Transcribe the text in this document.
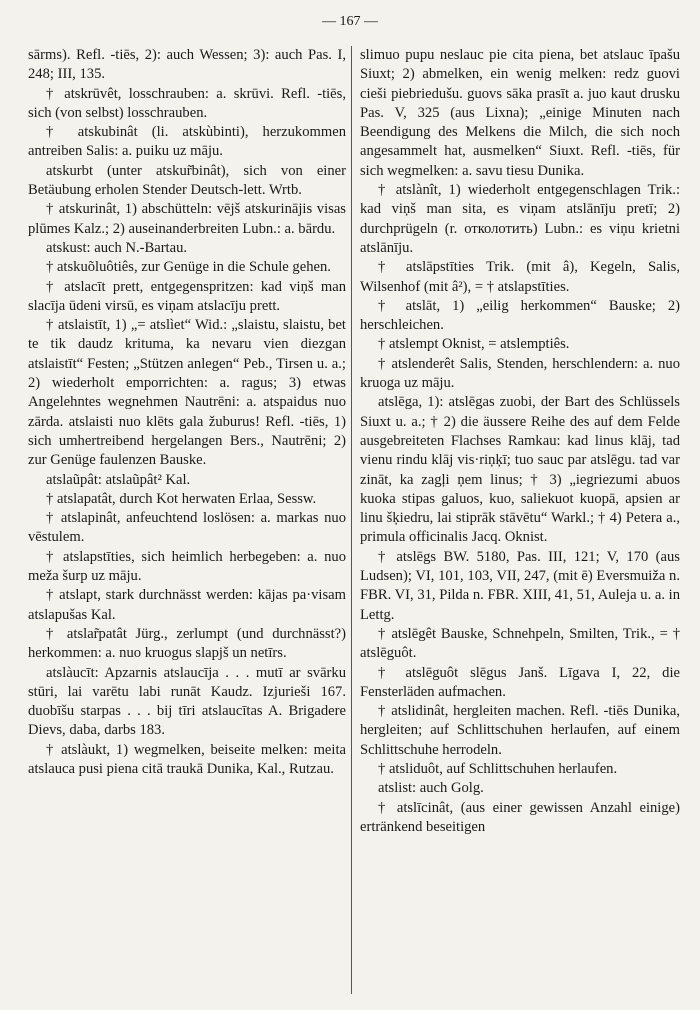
— 167 —

sārms). Refl. -tiēs, 2): auch Wessen; 3): auch Pas. I, 248; III, 135.

† atskrūvêt, losschrauben: a. skrūvi. Refl. -tiēs, sich (von selbst) losschrauben.

† atskubinât (li. atskùbinti), herzukommen antreiben Salis: a. puiku uz māju.

atskurbt (unter atskur̃binât), sich von einer Betäubung erholen Stender Deutsch-lett. Wrtb.

† atskurinât, 1) abschütteln: vējš atskurinājis visas plūmes Kalz.; 2) auseinanderbreiten Lubn.: a. bārdu.

atskust: auch N.-Bartau.

† atskuõluôtiês, zur Genüge in die Schule gehen.

† atslacīt prett, entgegenspritzen: kad viņš man slacīja ūdeni virsū, es viņam atslacīju prett.

† atslaistīt, 1) „= atslìet“ Wid.: „slaistu, slaistu, bet te tik daudz krituma, ka nevaru vien diezgan atslaistīt“ Festen; „Stützen anlegen“ Peb., Tirsen u. a.; 2) wiederholt emporrichten: a. ragus; 3) etwas Angelehntes wegnehmen Nautrēni: a. atspaidus nuo zārda. atslaisti nuo klēts gala žuburus! Refl. -tiēs, 1) sich umhertreibend hergelangen Bers., Nautrēni; 2) zur Genüge faulenzen Bauske.

atslaũpât: atslaũpât² Kal.

† atslapatât, durch Kot herwaten Erlaa, Sessw.

† atslapinât, anfeuchtend loslösen: a. markas nuo vēstulem.

† atslapstīties, sich heimlich herbegeben: a. nuo meža šurp uz māju.

† atslapt, stark durchnässt werden: kājas pa·visam atslapušas Kal.

† atslar̃patât Jürg., zerlumpt (und durchnässt?) herkommen: a. nuo kruogus slapjš un netīrs.

atslàucīt: Apzarnis atslaucīja . . . mutī ar svārku stūri, lai varētu labi runāt Kaudz. Izjurieši 167. duobīšu starpas . . . bij tīri atslaucītas A. Brigadere Dievs, daba, darbs 183.

† atslàukt, 1) wegmelken, beiseite melken: meita atslauca pusi piena citā traukā Dunika, Kal., Rutzau.

slimuo pupu neslauc pie cita piena, bet atslauc īpašu Siuxt; 2) abmelken, ein wenig melken: redz guovi cieši piebriedušu. guovs sāka prasīt a. juo kaut drusku Pas. V, 325 (aus Lixna); „einige Minuten nach Beendigung des Melkens die Milch, die sich noch angesammelt hat, ausmelken“ Siuxt. Refl. -tiēs, für sich wegmelken: a. savu tiesu Dunika.

† atslànît, 1) wiederholt entgegenschlagen Trik.: kad viņš man sita, es viņam atslānīju pretī; 2) durchprügeln (r. отколотить) Lubn.: es viņu krietni atslānīju.

† atslāpstīties Trik. (mit â), Kegeln, Salis, Wilsenhof (mit â²), = † atslapstīties.

† atslāt, 1) „eilig herkommen“ Bauske; 2) herschleichen.

† atslempt Oknist, = atslemptiês.

† atslenderêt Salis, Stenden, herschlendern: a. nuo kruoga uz māju.

atslēga, 1): atslēgas zuobi, der Bart des Schlüssels Siuxt u. a.; † 2) die äussere Reihe des auf dem Felde ausgebreiteten Flachses Ramkau: kad linus klāj, tad vienu rindu klāj vis·riņķī; tuo sauc par atslēgu. tad var zināt, ka zagļi ņem linus; † 3) „iegriezumi abuos kuoka stipas galuos, kuo, saliekuot kuopā, apsien ar linu šķiedru, lai stiprāk stāvētu“ Warkl.; † 4) Petera a., primula officinalis Jacq. Oknist.

† atslēgs BW. 5180, Pas. III, 121; V, 170 (aus Ludsen); VI, 101, 103, VII, 247, (mit ē) Eversmuiža n. FBR. VI, 31, Pilda n. FBR. XIII, 41, 51, Auleja u. a. in Lettg.

† atslēgêt Bauske, Schnehpeln, Smilten, Trik., = † atslēguôt.

† atslēguôt slēgus Janš. Līgava I, 22, die Fensterläden aufmachen.

† atslidinât, hergleiten machen. Refl. -tiēs Dunika, hergleiten; auf Schlittschuhen herlaufen, auf einem Schlittschuhe herrodeln.

† atsliduôt, auf Schlittschuhen herlaufen.

atslist: auch Golg.

† atslīcinât, (aus einer gewissen Anzahl einige) ertränkend beseitigen
